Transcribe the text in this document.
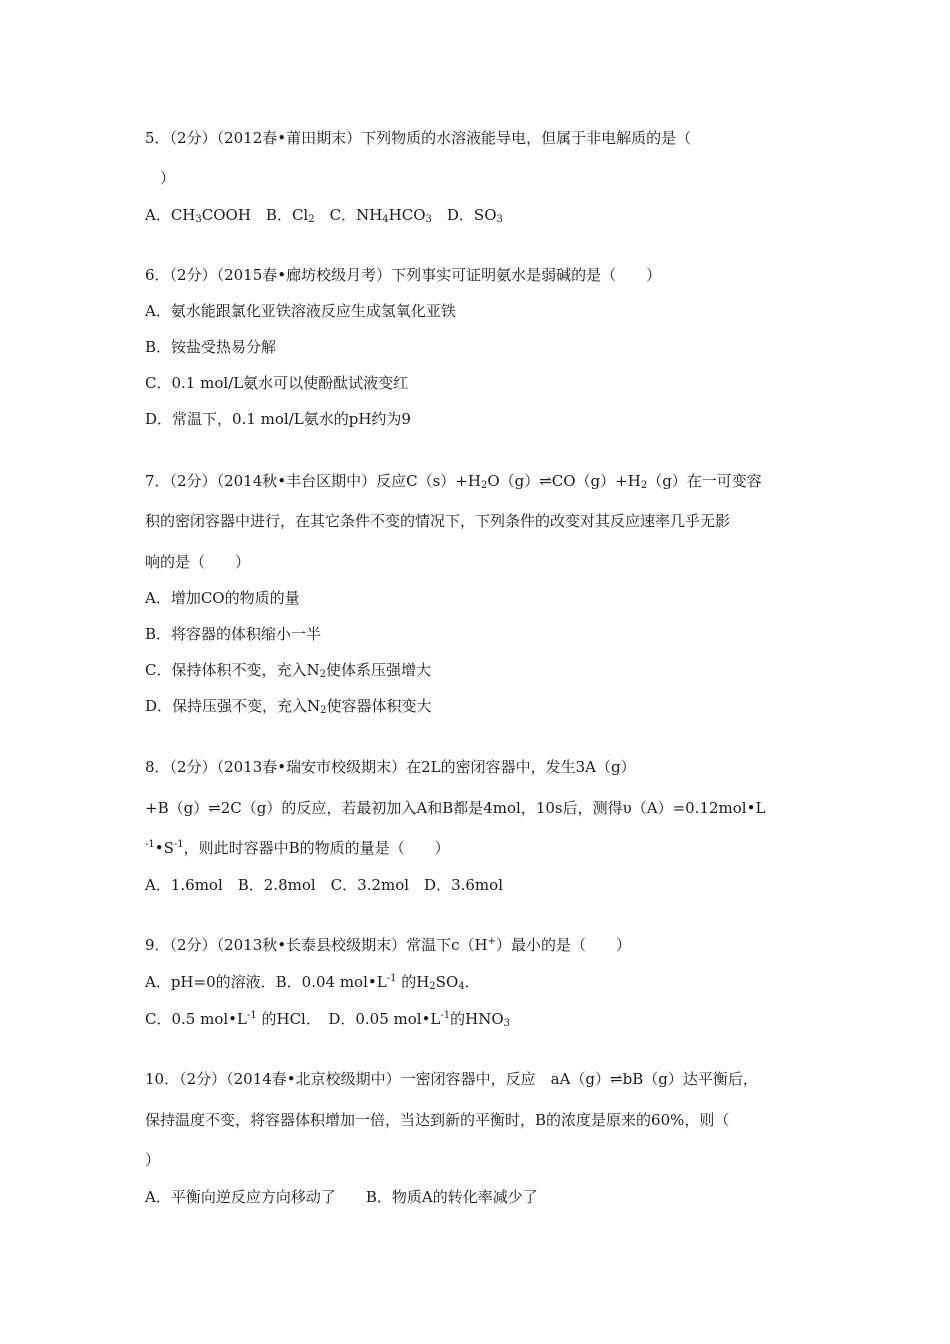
5．（2分）（2012春•莆田期末）下列物质的水溶液能导电，但属于非电解质的是（
）
A．$CH_3COOH$　B．$Cl_2$　C．$NH_4HCO_3$　D．$SO_3$
6．（2分）（2015春•廊坊校级月考）下列事实可证明氨水是弱碱的是（　　）
A．氨水能跟氯化亚铁溶液反应生成氢氧化亚铁
B．铵盐受热易分解
C．0.1 mol/L氨水可以使酚酞试液变红
D．常温下，0.1 mol/L氨水的pH约为9
7．（2分）（2014秋•丰台区期中）反应$C(s)+H_2O(g)\rightleftharpoons CO(g)+H_2(g)$在一可变容
积的密闭容器中进行，在其它条件不变的情况下，下列条件的改变对其反应速率几乎无影
响的是（　　）
A．增加CO的物质的量
B．将容器的体积缩小一半
C．保持体积不变，充入$N_2$使体系压强增大
D．保持压强不变，充入$N_2$使容器体积变大
8．（2分）（2013春•瑞安市校级期末）在2L的密闭容器中，发生3A（g）
+B（g）⇌2C（g）的反应，若最初加入A和B都是4mol，10s后，测得υ（A）=0.12mol•L
$^{-1}•S^{-1}$，则此时容器中B的物质的量是（　　）
A．1.6mol　B．2.8mol　C．3.2mol　D．3.6mol
9．（2分）（2013秋•长泰县校级期末）常温下c（H+）最小的是（　　）
A．pH=0的溶液．B．0.04 $mol•L^{-1}$ 的$H_2SO_4$．
C．0.5 $mol•L^{-1}$ 的HCl．　D．0.05 $mol•L^{-1}$的$HNO_3$
10．（2分）（2014春•北京校级期中）一密闭容器中，反应　aA（g）⇌bB（g）达平衡后，
保持温度不变，将容器体积增加一倍，当达到新的平衡时，B的浓度是原来的60%，则（
）
A．平衡向逆反应方向移动了　　B．物质A的转化率减少了
